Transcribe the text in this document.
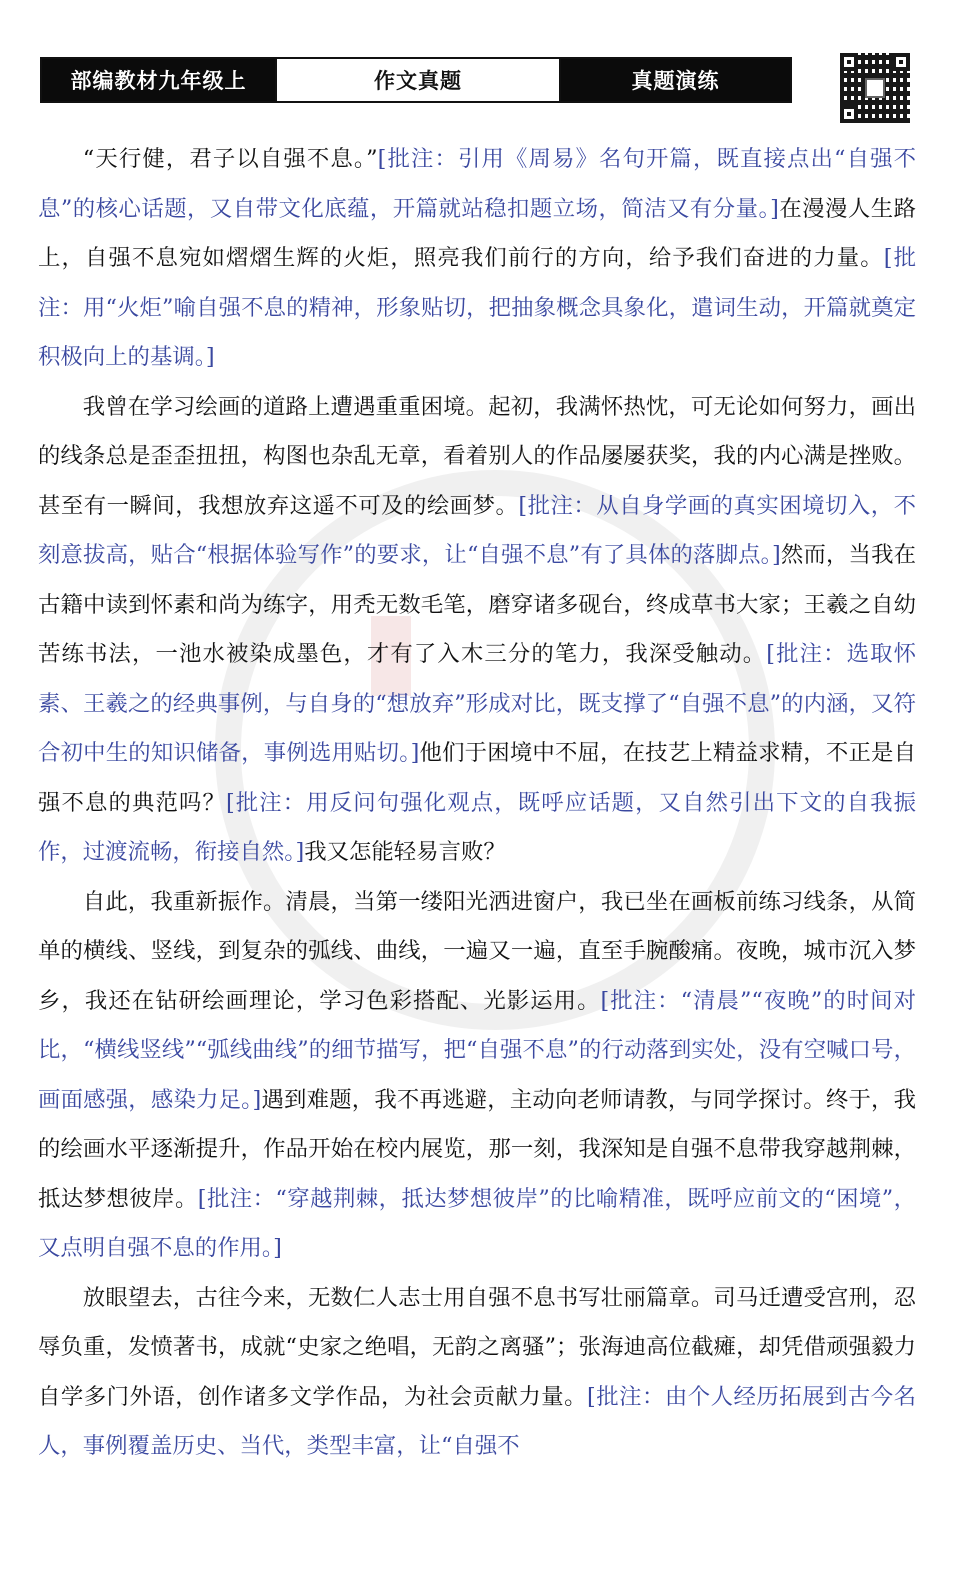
部编教材九年级上	作文真题	真题演练

“天行健，君子以自强不息。”[批注：引用《周易》名句开篇，既直接点出“自强不息”的核心话题，又自带文化底蕴，开篇就站稳扣题立场，简洁又有分量。]在漫漫人生路上，自强不息宛如熠熠生辉的火炬，照亮我们前行的方向，给予我们奋进的力量。[批注：用“火炬”喻自强不息的精神，形象贴切，把抽象概念具象化，遣词生动，开篇就奠定积极向上的基调。]

我曾在学习绘画的道路上遭遇重重困境。起初，我满怀热忱，可无论如何努力，画出的线条总是歪歪扭扭，构图也杂乱无章，看着别人的作品屡屡获奖，我的内心满是挫败。甚至有一瞬间，我想放弃这遥不可及的绘画梦。[批注：从自身学画的真实困境切入，不刻意拔高，贴合“根据体验写作”的要求，让“自强不息”有了具体的落脚点。]然而，当我在古籍中读到怀素和尚为练字，用秃无数毛笔，磨穿诸多砚台，终成草书大家；王羲之自幼苦练书法，一池水被染成墨色，才有了入木三分的笔力，我深受触动。[批注：选取怀素、王羲之的经典事例，与自身的“想放弃”形成对比，既支撑了“自强不息”的内涵，又符合初中生的知识储备，事例选用贴切。]他们于困境中不屈，在技艺上精益求精，不正是自强不息的典范吗？[批注：用反问句强化观点，既呼应话题，又自然引出下文的自我振作，过渡流畅，衔接自然。]我又怎能轻易言败？

自此，我重新振作。清晨，当第一缕阳光洒进窗户，我已坐在画板前练习线条，从简单的横线、竖线，到复杂的弧线、曲线，一遍又一遍，直至手腕酸痛。夜晚，城市沉入梦乡，我还在钻研绘画理论，学习色彩搭配、光影运用。[批注：“清晨”“夜晚”的时间对比，“横线竖线”“弧线曲线”的细节描写，把“自强不息”的行动落到实处，没有空喊口号，画面感强，感染力足。]遇到难题，我不再逃避，主动向老师请教，与同学探讨。终于，我的绘画水平逐渐提升，作品开始在校内展览，那一刻，我深知是自强不息带我穿越荆棘，抵达梦想彼岸。[批注：“穿越荆棘，抵达梦想彼岸”的比喻精准，既呼应前文的“困境”，又点明自强不息的作用。]

放眼望去，古往今来，无数仁人志士用自强不息书写壮丽篇章。司马迁遭受宫刑，忍辱负重，发愤著书，成就“史家之绝唱，无韵之离骚”；张海迪高位截瘫，却凭借顽强毅力自学多门外语，创作诸多文学作品，为社会贡献力量。[批注：由个人经历拓展到古今名人，事例覆盖历史、当代，类型丰富，让“自强不
